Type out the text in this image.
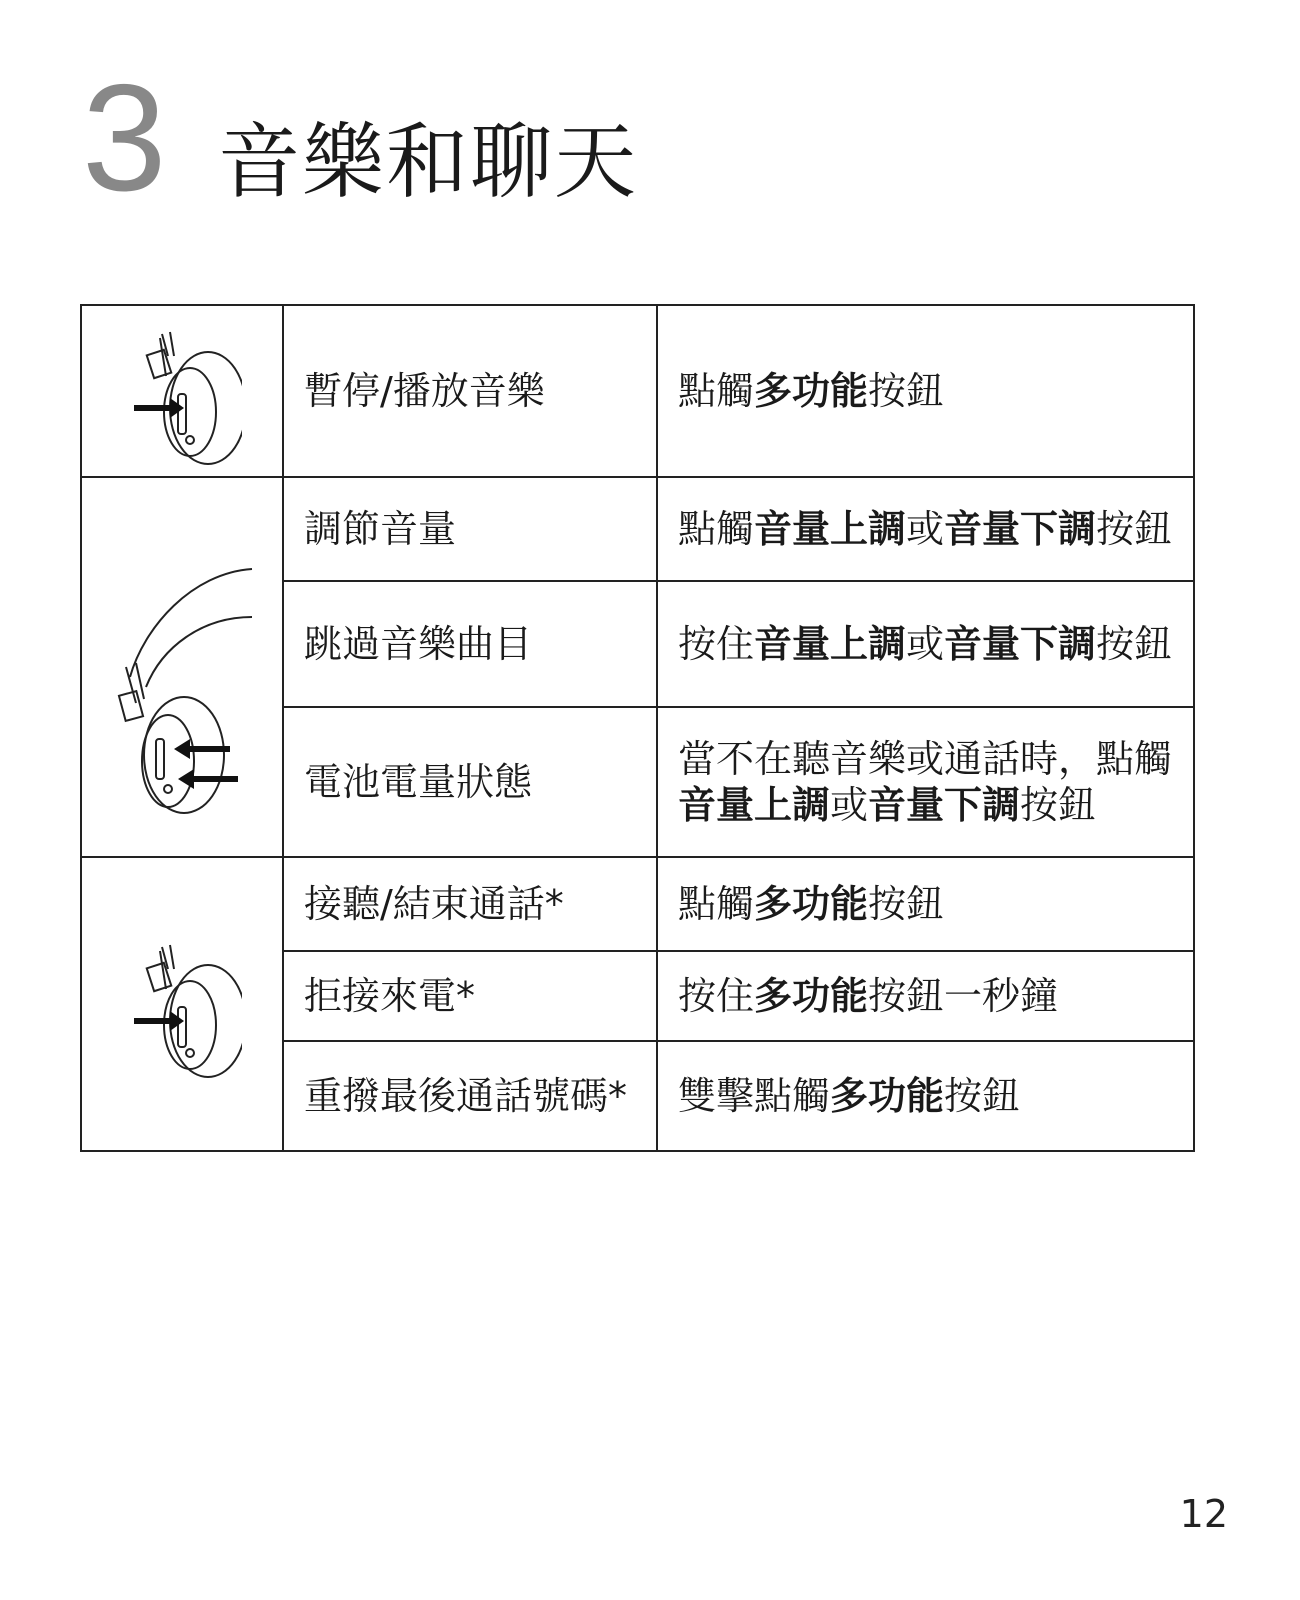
3 音樂和聊天
	暫停/播放音樂	點觸多功能按鈕

	調節音量	點觸音量上調或音量下調按鈕
	跳過音樂曲目	按住音量上調或音量下調按鈕
	電池電量狀態	當不在聽音樂或通話時，點觸音量上調或音量下調按鈕

	接聽/結束通話*	點觸多功能按鈕
	拒接來電*	按住多功能按鈕一秒鐘
	重撥最後通話號碼*	雙擊點觸多功能按鈕
12
